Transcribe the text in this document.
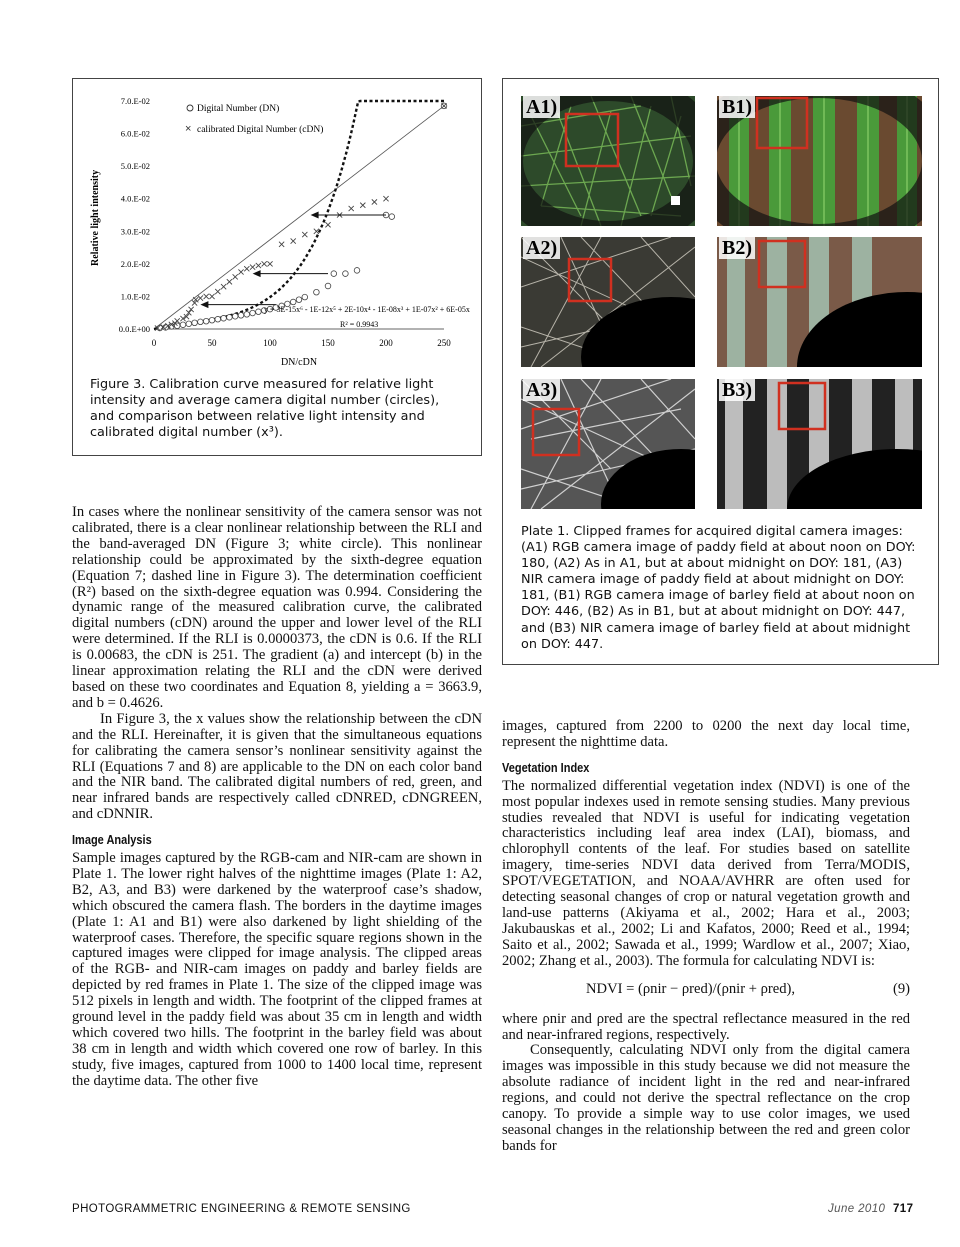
0.0.E+00
1.0.E-02
2.0.E-02
3.0.E-02
4.0.E-02
5.0.E-02
6.0.E-02
7.0.E-02
0	50	100	150	200	250
Digital Number (DN)
× calibrated Digital Number (cDN)
y = 3E-15x⁶ - 1E-12x⁵ + 2E-10x⁴ - 1E-08x³ + 1E-07x² + 6E-05x
R² = 0.9943
Relative light intensity
DN/cDN
Figure 3. Calibration curve measured for relative light intensity and average camera digital number (circles), and comparison between relative light intensity and calibrated digital number (x³).
A1)	B1)
A2)	B2)
A3)	B3)
Plate 1. Clipped frames for acquired digital camera images: (A1) RGB camera image of paddy field at about noon on DOY: 180, (A2) As in A1, but at about midnight on DOY: 181, (A3) NIR camera image of paddy field at about midnight on DOY: 181, (B1) RGB camera image of barley field at about noon on DOY: 446, (B2) As in B1, but at about midnight on DOY: 447, and (B3) NIR camera image of barley field at about midnight on DOY: 447.

In cases where the nonlinear sensitivity of the camera sensor was not calibrated, there is a clear nonlinear relationship between the RLI and the band-averaged DN (Figure 3; white circle). This nonlinear relationship could be approximated by the sixth-degree equation (Equation 7; dashed line in Figure 3). The determination coefficient (R²) based on the sixth-degree equation was 0.994. Considering the dynamic range of the measured calibration curve, the calibrated digital numbers (cDN) around the upper and lower level of the RLI were determined. If the RLI is 0.0000373, the cDN is 0.6. If the RLI is 0.00683, the cDN is 251. The gradient (a) and intercept (b) in the linear approximation relating the RLI and the cDN were derived based on these two coordinates and Equation 8, yielding a = 3663.9, and b = 0.4626.

In Figure 3, the x values show the relationship between the cDN and the RLI. Hereinafter, it is given that the simultaneous equations for calibrating the camera sensor’s nonlinear sensitivity against the RLI (Equations 7 and 8) are applicable to the DN on each color band and the NIR band. The calibrated digital numbers of red, green, and near infrared bands are respectively called cDNRED, cDNGREEN, and cDNNIR.

Image Analysis

Sample images captured by the RGB-cam and NIR-cam are shown in Plate 1. The lower right halves of the nighttime images (Plate 1: A2, B2, A3, and B3) were darkened by the waterproof case’s shadow, which obscured the camera flash. The borders in the daytime images (Plate 1: A1 and B1) were also darkened by light shielding of the waterproof cases. Therefore, the specific square regions shown in the captured images were clipped for image analysis. The clipped areas of the RGB- and NIR-cam images on paddy and barley fields are depicted by red frames in Plate 1. The size of the clipped image was 512 pixels in length and width. The footprint of the clipped frames at ground level in the paddy field was about 35 cm in length and width which covered two hills. The footprint in the barley field was about 38 cm in length and width which covered one row of barley. In this study, five images, captured from 1000 to 1400 local time, represent the daytime data. The other five

images, captured from 2200 to 0200 the next day local time, represent the nighttime data.

Vegetation Index

The normalized differential vegetation index (NDVI) is one of the most popular indexes used in remote sensing studies. Many previous studies revealed that NDVI is useful for indicating vegetation characteristics including leaf area index (LAI), biomass, and chlorophyll contents of the leaf. For studies based on satellite imagery, time-series NDVI data derived from Terra/MODIS, SPOT/VEGETATION, and NOAA/AVHRR are often used for detecting seasonal changes of crop or natural vegetation growth and land-use patterns (Akiyama et al., 2002; Hara et al., 2003; Jakubauskas et al., 2002; Li and Kafatos, 2000; Reed et al., 1994; Saito et al., 2002; Sawada et al., 1999; Wardlow et al., 2007; Xiao, 2002; Zhang et al., 2003). The formula for calculating NDVI is:

NDVI = (ρnir − ρred)/(ρnir + ρred),	(9)

where ρnir and ρred are the spectral reflectance measured in the red and near-infrared regions, respectively.

Consequently, calculating NDVI only from the digital camera images was impossible in this study because we did not measure the absolute radiance of incident light in the red and near-infrared regions, and could not derive the spectral reflectance on the crop canopy. To provide a simple way to use color images, we used seasonal changes in the relationship between the red and green color bands for

PHOTOGRAMMETRIC ENGINEERING & REMOTE SENSING	June 2010 717
